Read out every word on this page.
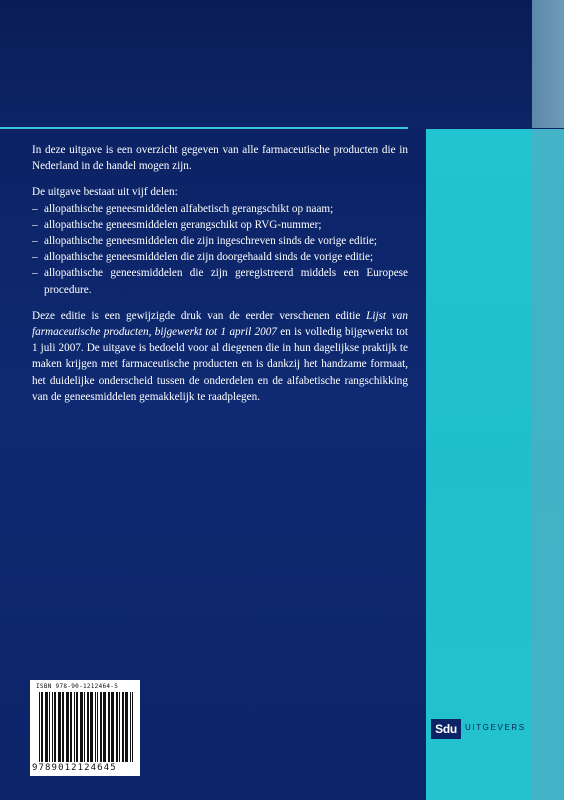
In deze uitgave is een overzicht gegeven van alle farmaceutische producten die in Nederland in de handel mogen zijn.

De uitgave bestaat uit vijf delen:

– allopathische geneesmiddelen alfabetisch gerangschikt op naam;
– allopathische geneesmiddelen gerangschikt op RVG-nummer;
– allopathische geneesmiddelen die zijn ingeschreven sinds de vorige editie;
– allopathische geneesmiddelen die zijn doorgehaald sinds de vorige editie;
– allopathische geneesmiddelen die zijn geregistreerd middels een Europese procedure.

Deze editie is een gewijzigde druk van de eerder verschenen editie Lijst van farmaceutische producten, bijgewerkt tot 1 april 2007 en is volledig bijgewerkt tot 1 juli 2007. De uitgave is bedoeld voor al diegenen die in hun dagelijkse praktijk te maken krijgen met farmaceutische producten en is dankzij het handzame formaat, het duidelijke onderscheid tussen de onderdelen en de alfabetische rangschikking van de geneesmiddelen gemakkelijk te raadplegen.

ISBN 978-90-1212464-5
9789012124645
Sdu	UITGEVERS
